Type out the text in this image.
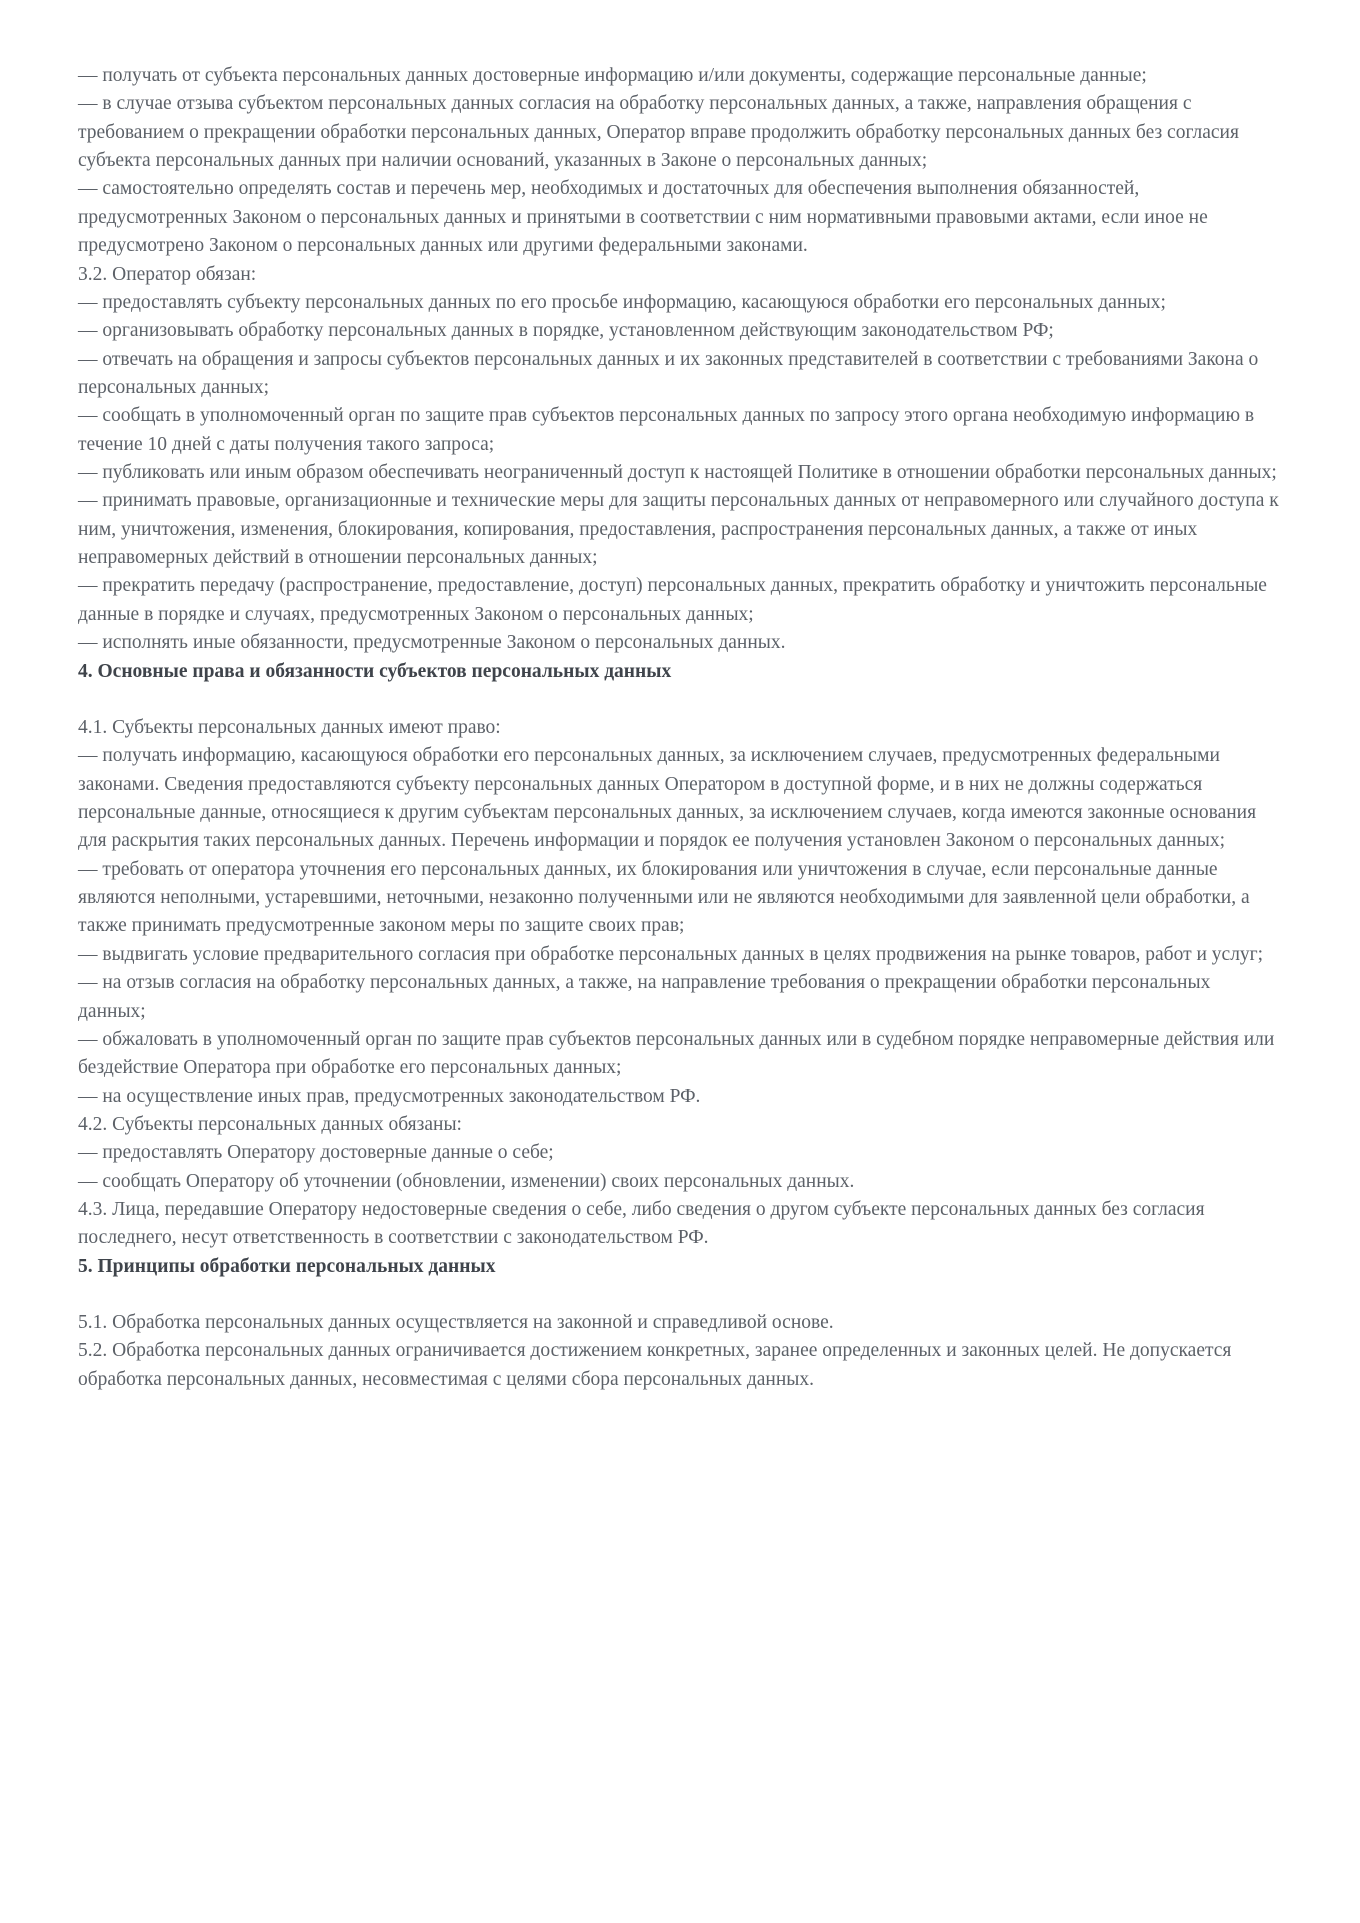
— получать от субъекта персональных данных достоверные информацию и/или документы, содержащие персональные данные;

— в случае отзыва субъектом персональных данных согласия на обработку персональных данных, а также, направления обращения с требованием о прекращении обработки персональных данных, Оператор вправе продолжить обработку персональных данных без согласия субъекта персональных данных при наличии оснований, указанных в Законе о персональных данных;

— самостоятельно определять состав и перечень мер, необходимых и достаточных для обеспечения выполнения обязанностей, предусмотренных Законом о персональных данных и принятыми в соответствии с ним нормативными правовыми актами, если иное не предусмотрено Законом о персональных данных или другими федеральными законами.

3.2. Оператор обязан:

— предоставлять субъекту персональных данных по его просьбе информацию, касающуюся обработки его персональных данных;

— организовывать обработку персональных данных в порядке, установленном действующим законодательством РФ;

— отвечать на обращения и запросы субъектов персональных данных и их законных представителей в соответствии с требованиями Закона о персональных данных;

— сообщать в уполномоченный орган по защите прав субъектов персональных данных по запросу этого органа необходимую информацию в течение 10 дней с даты получения такого запроса;

— публиковать или иным образом обеспечивать неограниченный доступ к настоящей Политике в отношении обработки персональных данных;

— принимать правовые, организационные и технические меры для защиты персональных данных от неправомерного или случайного доступа к ним, уничтожения, изменения, блокирования, копирования, предоставления, распространения персональных данных, а также от иных неправомерных действий в отношении персональных данных;

— прекратить передачу (распространение, предоставление, доступ) персональных данных, прекратить обработку и уничтожить персональные данные в порядке и случаях, предусмотренных Законом о персональных данных;

— исполнять иные обязанности, предусмотренные Законом о персональных данных.

4. Основные права и обязанности субъектов персональных данных

4.1. Субъекты персональных данных имеют право:

— получать информацию, касающуюся обработки его персональных данных, за исключением случаев, предусмотренных федеральными законами. Сведения предоставляются субъекту персональных данных Оператором в доступной форме, и в них не должны содержаться персональные данные, относящиеся к другим субъектам персональных данных, за исключением случаев, когда имеются законные основания для раскрытия таких персональных данных. Перечень информации и порядок ее получения установлен Законом о персональных данных;

— требовать от оператора уточнения его персональных данных, их блокирования или уничтожения в случае, если персональные данные являются неполными, устаревшими, неточными, незаконно полученными или не являются необходимыми для заявленной цели обработки, а также принимать предусмотренные законом меры по защите своих прав;

— выдвигать условие предварительного согласия при обработке персональных данных в целях продвижения на рынке товаров, работ и услуг;

— на отзыв согласия на обработку персональных данных, а также, на направление требования о прекращении обработки персональных данных;

— обжаловать в уполномоченный орган по защите прав субъектов персональных данных или в судебном порядке неправомерные действия или бездействие Оператора при обработке его персональных данных;

— на осуществление иных прав, предусмотренных законодательством РФ.

4.2. Субъекты персональных данных обязаны:

— предоставлять Оператору достоверные данные о себе;

— сообщать Оператору об уточнении (обновлении, изменении) своих персональных данных.

4.3. Лица, передавшие Оператору недостоверные сведения о себе, либо сведения о другом субъекте персональных данных без согласия последнего, несут ответственность в соответствии с законодательством РФ.

5. Принципы обработки персональных данных

5.1. Обработка персональных данных осуществляется на законной и справедливой основе.

5.2. Обработка персональных данных ограничивается достижением конкретных, заранее определенных и законных целей. Не допускается обработка персональных данных, несовместимая с целями сбора персональных данных.
